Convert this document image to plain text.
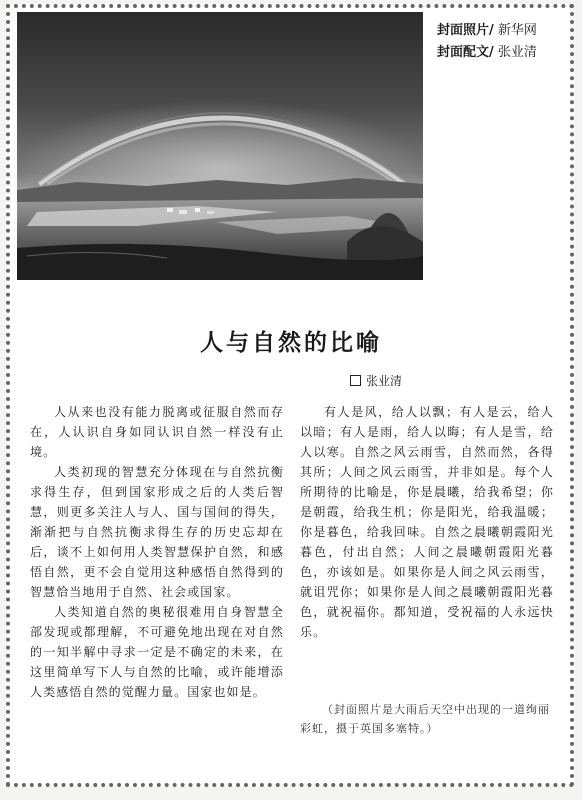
封面照片/ 新华网
封面配文/ 张业清
人与自然的比喻
张业清

人从来也没有能力脱离或征服自然而存在，人认识自身如同认识自然一样没有止境。

人类初现的智慧充分体现在与自然抗衡求得生存，但到国家形成之后的人类后智慧，则更多关注人与人、国与国间的得失，渐渐把与自然抗衡求得生存的历史忘却在后，谈不上如何用人类智慧保护自然，和感悟自然，更不会自觉用这种感悟自然得到的智慧恰当地用于自然、社会或国家。

人类知道自然的奥秘很难用自身智慧全部发现或都理解，不可避免地出现在对自然的一知半解中寻求一定是不确定的未来，在这里简单写下人与自然的比喻，或许能增添人类感悟自然的觉醒力量。国家也如是。

有人是风，给人以飘；有人是云，给人以暗；有人是雨，给人以晦；有人是雪，给人以寒。自然之风云雨雪，自然而然，各得其所；人间之风云雨雪，并非如是。每个人所期待的比喻是，你是晨曦，给我希望；你是朝霞，给我生机；你是阳光，给我温暖；你是暮色，给我回味。自然之晨曦朝霞阳光暮色，付出自然；人间之晨曦朝霞阳光暮色，亦该如是。如果你是人间之风云雨雪，就诅咒你；如果你是人间之晨曦朝霞阳光暮色，就祝福你。都知道，受祝福的人永远快乐。

（封面照片是大雨后天空中出现的一道绚丽彩虹，摄于英国多塞特。）
